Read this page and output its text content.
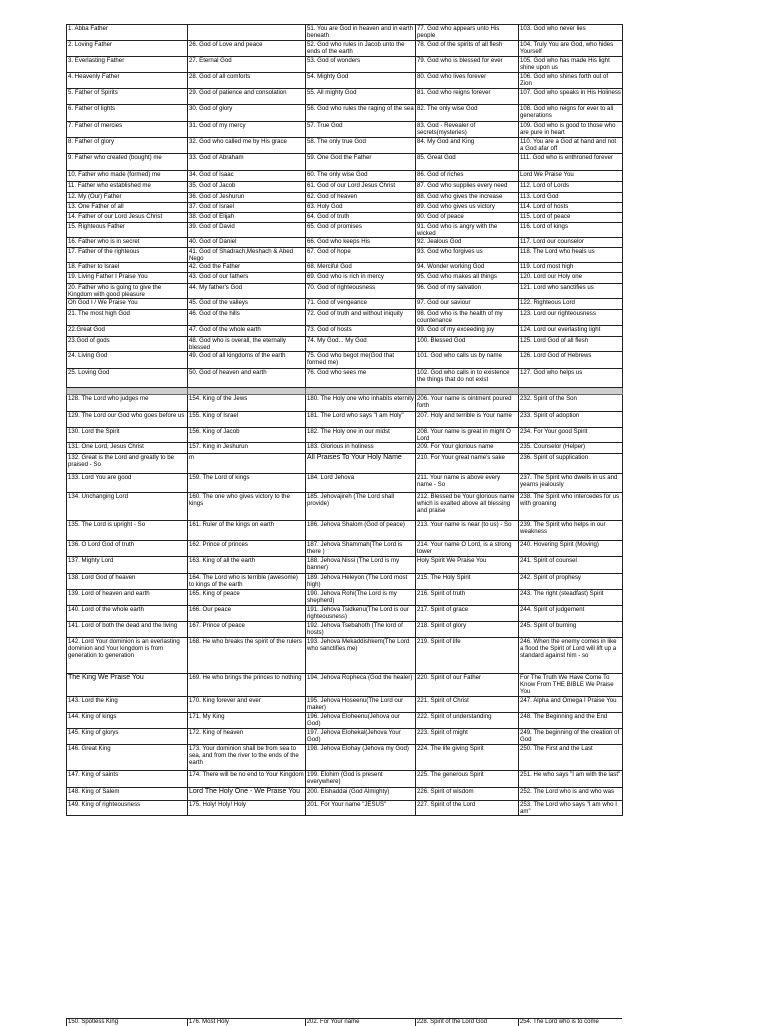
1. Abba Father		51. You are God in heaven and in earth beneath	77. God who appears unto His people	103. God who never lies
2. Loving Father	26. God of Love and peace	52. God who rules in Jacob unto the ends of the earth	78. God of the spirits of all flesh	104. Truly You are God, who hides Yourself
3. Everlasting Father	27. Eternal God	53. God of wonders	79. God who is blessed for ever	105. God who has made His light shine upon us
4. Heavenly Father	28. God of all comforts	54. Mighty God	80. God who lives forever	106. God who shines forth out of Zion
5. Father of Spirits	29. God of patience and consolation	55. All mighty God	81. God who reigns forever	107. God who speaks in His Holiness
6. Father of lights	30. God of glory	56. God who rules the raging of the sea	82. The only wise God	108. God who reigns for ever to all generations
7. Father of mercies	31. God of my mercy	57. True God	83. God - Revealer of secrets(mysteries)	109. God who is good to those who are pure in heart
8. Father of glory	32. God who called me by His grace	58. The only true God	84. My God and King	110. You are a God at hand and not a God afar off
9. Father who created (bought) me	33. God of Abraham	59. One God the Father	85. Great God	111. God who is enthroned forever
10. Father who made (formed) me	34. God of Isaac	60. The only wise God	86. God of riches	Lord We Praise You
11. Father who established me	35. God of Jacob	61. God of our Lord Jesus Christ	87. God who supplies every need	112. Lord of Lords
12. My (Our) Father	36. God of Jeshurun	62. God of heaven	88. God who gives the increase	113. Lord God
13. One Father of all	37. God of Israel	63. Holy God	89. God who gives us victory	114. Lord of hosts
14. Father of our Lord Jesus Christ	38. God of Elijah	64. God of truth	90. God of peace	115. Lord of peace
15. Righteous Father	39. God of David	65. God of promises	91. God who is angry with the wicked	116. Lord of kings
16. Father who is in secret	40. God of Daniel	66. God who keeps His	92. Jealous God	117. Lord our counselor
17. Father of the righteous	41. God of Shadrach,Meshach & Abed Nego	67. God of hope	93. God who forgives us	118. The Lord who heals us
18. Father to Israel	42. God the Father	68. Merciful God	94. Wonder working God	119. Lord most high
19. Living Father I Praise You	43. God of our fathers	69. God who is rich in mercy	95. God who makes all things	120. Lord our Holy one
20. Father who is going to give the Kingdom with good pleasure	44. My father's God	70. God of righteousness	96. God of my salvation	121. Lord who sanctifies us
Oh God I / We Praise You	45. God of the valleys	71. God of vengeance	97. God our saviour	122. Righteous Lord
21. The most high God	46. God of the hills	72. God of truth and without iniquity	98. God who is the health of my countenance	123. Lord our righteousness
22.Great God	47. God of the whole earth	73. God of hosts	99. God of my exceeding joy	124. Lord our everlasting light
23.God of gods	48. God who is overall, the eternally blessed	74. My God... My God	100. Blessed God	125. Lord God of all flesh
24. Living God	49. God of all kingdoms of the earth	75. God who begot me(God that formed me)	101. God who calls us by name	126. Lord God of Hebrews
25. Loving God	50. God of heaven and earth	76. God who sees me	102. God who calls in to existence the things that do not exist	127. God who helps us

128. The Lord who judges me	154. King of the Jews	180. The Holy one who inhabits eternity	206. Your name is ointment poured forth	232. Spirit of the Son
129. The Lord our God who goes before us	155. King of Israel	181. The Lord who says "I am Holy"	207. Holy and terrible is Your name	233. Spirit of adoption
130. Lord the Spirit	156. King of Jacob	182. The Holy one in our midst	208. Your name is great in might O Lord	234. For Your good Spirit
131. One Lord, Jesus Christ	157. King in Jeshurun	183. Glorious in holiness	209. For Your glorious name	235. Counselor (Helper)
132. Great is the Lord and greatly to be praised - So	m	All Praises To Your Holy Name	210. For Your great name's sake	236. Spirit of supplication
133. Lord You are good	159. The Lord of kings	184. Lord Jehova	211. Your name is above every name - So	237. The Spirit who dwells in us and yearns jealously
134. Unchanging Lord	160. The one who gives victory to the kings	185. Jehovajireh (The Lord shall provide)	212. Blessed be Your glorious name which is exalted above all blessing and praise	238. The Spirit who intercedes for us with groaning
135. The Lord is upright - So	161. Ruler of the kings on earth	186. Jehova Shalom (God of peace)	213. Your name is near (to us) - So	239. The Spirit who helps in our weakness
136. O Lord God of truth	162. Prince of princes	187. Jehova Shammah(The Lord is there )	214. Your name O Lord, is a strong tower	240. Hovering Spirit (Moving)
137. Mighty Lord	163. King of all the earth	188. Jehova Nissi (The Lord is my banner)	Holy Spirit We Praise You	241. Spirit of counsel
138. Lord God of heaven	164. The Lord who is terrible (awesome) to kings of the earth	189. Jehova Heleyon (The Lord most high)	215. The Holy Spirit	242. Spirit of prophesy
139. Lord of heaven and earth	165. King of peace	190. Jehova Rohi(The Lord is my shepherd)	216. Spirit of truth	243. The right (steadfast) Spirit
140. Lord of the whole earth	166. Our peace	191. Jehova Tsidkenu(The Lord is our righteousness)	217. Spirit of grace	244. Spirit of judgement
141. Lord of both the dead and the living	167. Prince of peace	192. Jehova Tsebahoth (The lord of hosts)	218. Spirit of glory	245. Spirit of burning
142. Lord Your dominion is an everlasting dominion and Your kingdom is from generation to generation	168. He who breaks the spirit of the rulers	193. Jehova Mekaddishkem(The Lord who sanctifies me)	219. Spirit of life	246. When the enemy comes in like a flood the Spirit of Lord will lift up a standard against him - so
The King We Praise You	169. He who brings the princes to nothing	194. Jehova Ropheca (God the healer)	220. Spirit of our Father	For The Truth We Have Come To Know From THE BIBLE We Praise You
143. Lord the King	170. King forever and ever	195. Jehova Hoseenu(The Lord our maker)	221. Spirit of Christ	247. Alpha and Omega I Praise You
144. King of kings	171. My King	196. Jehova Eloheenu(Jehova our God)	222. Spirit of understanding	248. The Beginning and the End
145. King of glorys	172. King of heaven	197. Jehova Elohekal(Jehova Your God)	223. Spirit of might	249. The beginning of the creation of God
146. Great King	173. Your dominion shall be from sea to sea, and from the river to the ends of the earth	198. Jehova Elohay (Jehova my God)	224. The life giving Spirit	250. The First and the Last
147. King of saints	174. There will be no end to Your Kingdom	199. Elohim (God is present everywhere)	225. The generous Spirit	251. He who says "I am with the last"
148. King of Salem	Lord The Holy One - We Praise You	200. Elshaddai (God Almighty)	226. Spirit of wisdom	252. The Lord who is and who was
149. King of righteousness	175. Holy! Holy! Holy	201. For Your name "JESUS"	227. Spirit of the Lord	253. The Lord who says "I am who I am"
150. Spotless King	176. Most Holy	202. For Your name	228. Spirit of the Lord God	254. The Lord who is to come
